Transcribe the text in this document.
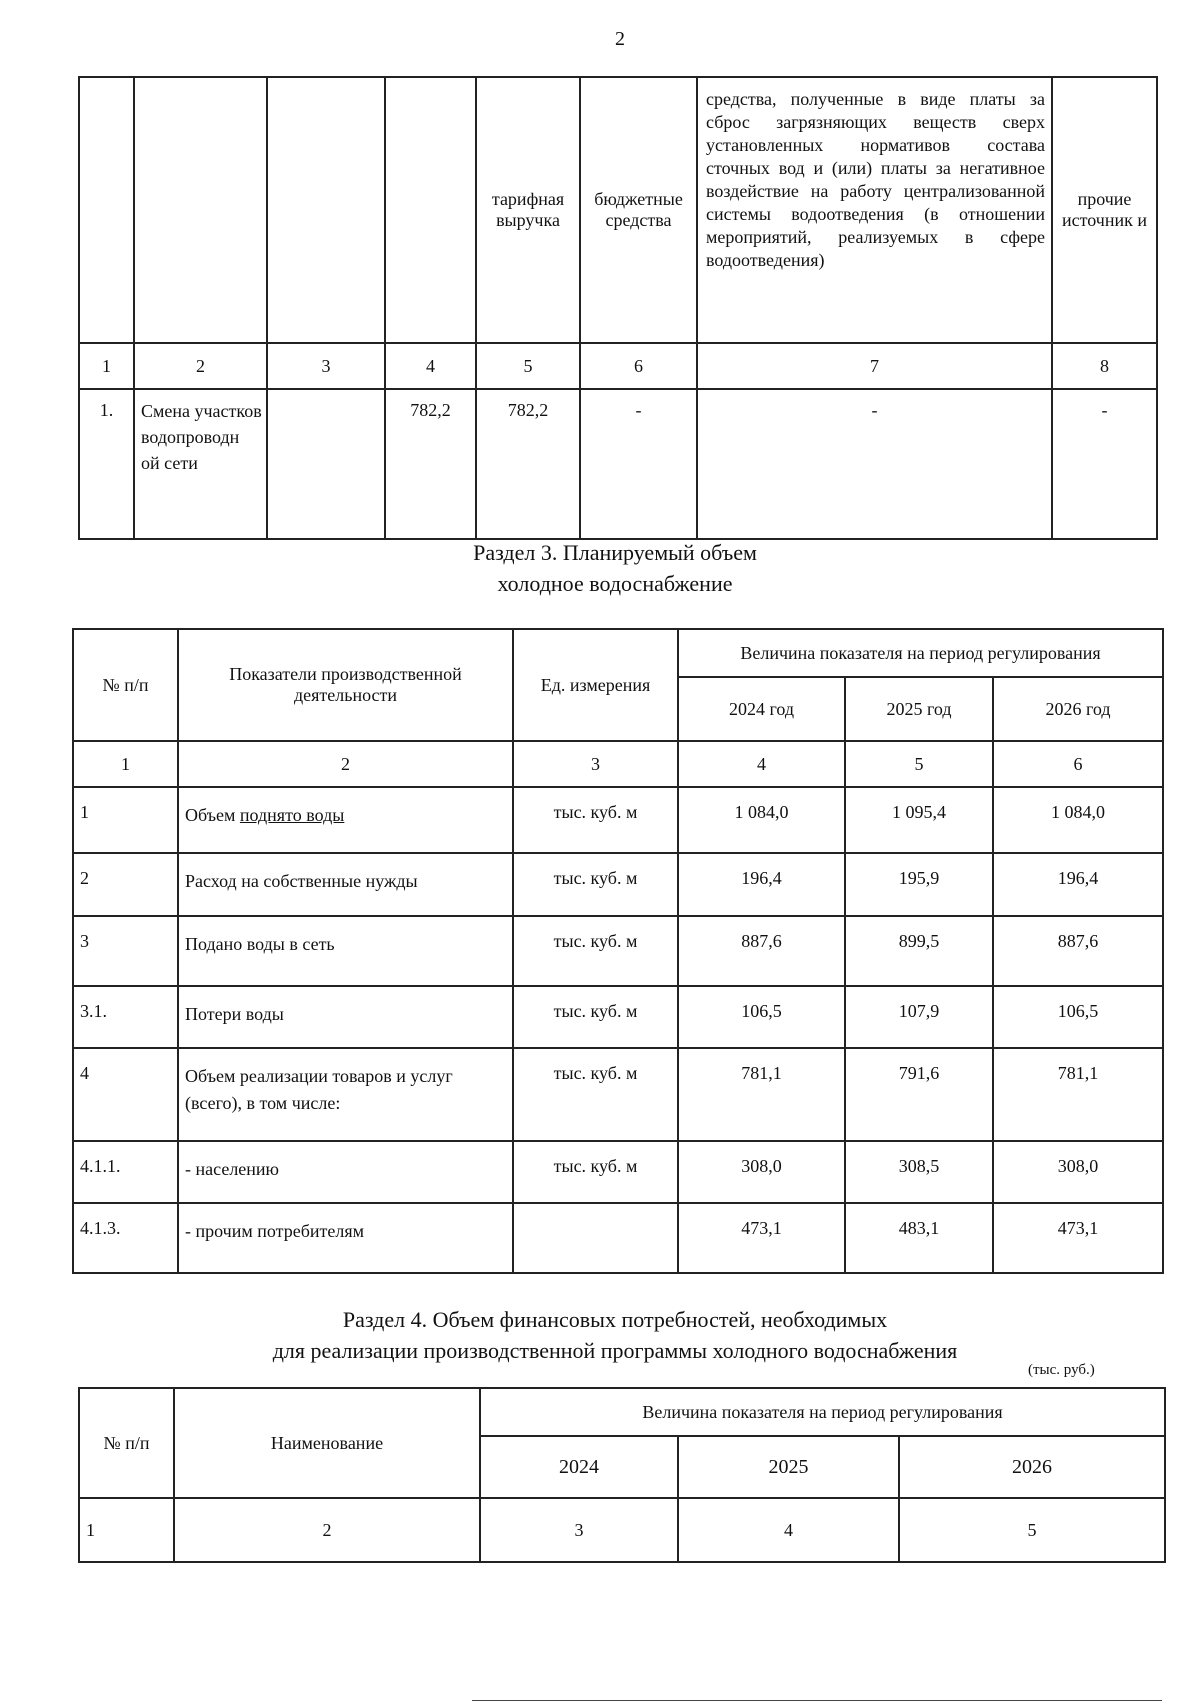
2
				тарифная выручка	бюджетные средства	средства, полученные в виде платы за сброс загрязняющих веществ сверх установленных нормативов состава сточных вод и (или) платы за негативное воздействие на работу централизованной системы водоотведения (в отношении мероприятий, реализуемых в сфере водоотведения)	прочие источник и
1	2	3	4	5	6	7	8
1.	Смена участков водопроводн ой сети		782,2	782,2	-	-	-
Раздел 3. Планируемый объем
холодное водоснабжение
№ п/п	Показатели производственной деятельности	Ед. измерения	Величина показателя на период регулирования		
			2024 год	2025 год	2026 год
1	2	3	4	5	6
1	Объем поднято воды	тыс. куб. м	1 084,0	1 095,4	1 084,0
2	Расход на собственные нужды	тыс. куб. м	196,4	195,9	196,4
3	Подано воды в сеть	тыс. куб. м	887,6	899,5	887,6
3.1.	Потери воды	тыс. куб. м	106,5	107,9	106,5
4	Объем реализации товаров и услуг (всего), в том числе:	тыс. куб. м	781,1	791,6	781,1
4.1.1.	- населению	тыс. куб. м	308,0	308,5	308,0
4.1.3.	- прочим потребителям		473,1	483,1	473,1
Раздел 4. Объем финансовых потребностей, необходимых
для реализации производственной программы холодного водоснабжения
(тыс. руб.)
№ п/п	Наименование	Величина показателя на период регулирования		
		2024	2025	2026
1	2	3	4	5
